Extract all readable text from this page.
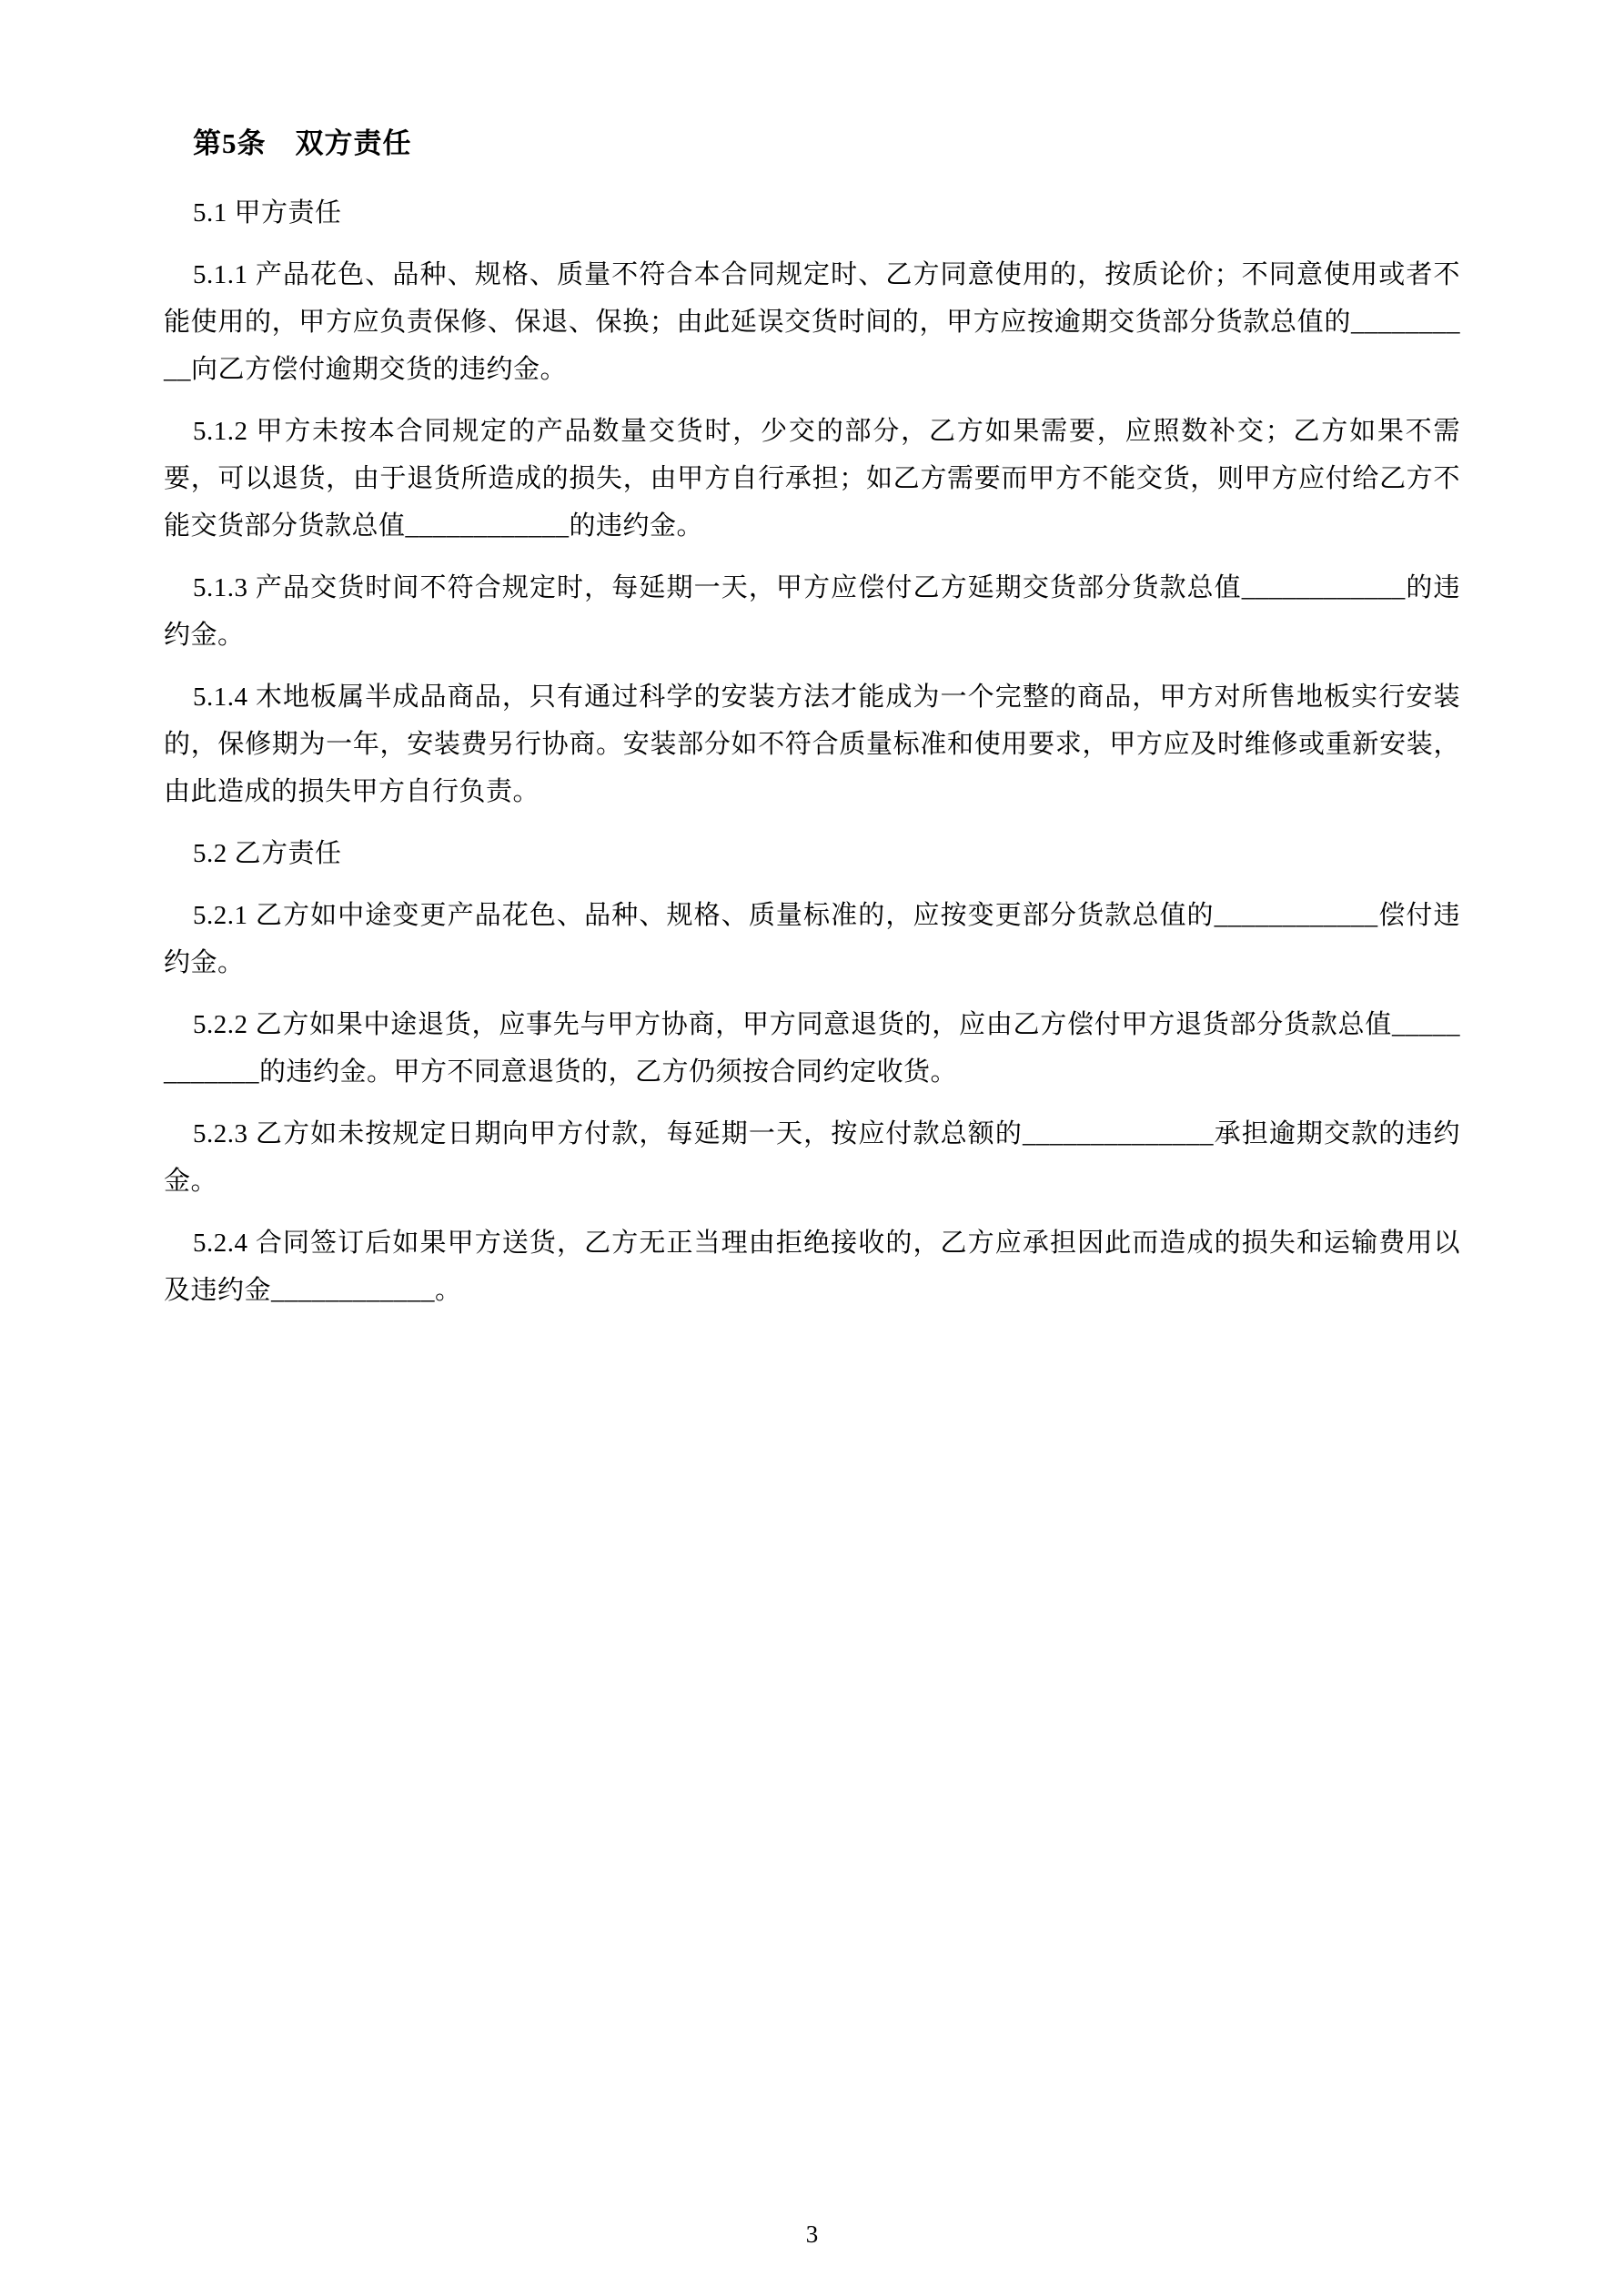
第5条　双方责任

5.1 甲方责任

5.1.1 产品花色、品种、规格、质量不符合本合同规定时、乙方同意使用的，按质论价；不同意使用或者不能使用的，甲方应负责保修、保退、保换；由此延误交货时间的，甲方应按逾期交货部分货款总值的__________向乙方偿付逾期交货的违约金。

5.1.2 甲方未按本合同规定的产品数量交货时，少交的部分，乙方如果需要，应照数补交；乙方如果不需要，可以退货，由于退货所造成的损失，由甲方自行承担；如乙方需要而甲方不能交货，则甲方应付给乙方不能交货部分货款总值____________的违约金。

5.1.3 产品交货时间不符合规定时，每延期一天，甲方应偿付乙方延期交货部分货款总值____________的违约金。

5.1.4 木地板属半成品商品，只有通过科学的安装方法才能成为一个完整的商品，甲方对所售地板实行安装的，保修期为一年，安装费另行协商。安装部分如不符合质量标准和使用要求，甲方应及时维修或重新安装，由此造成的损失甲方自行负责。

5.2 乙方责任

5.2.1 乙方如中途变更产品花色、品种、规格、质量标准的，应按变更部分货款总值的____________偿付违约金。

5.2.2 乙方如果中途退货，应事先与甲方协商，甲方同意退货的，应由乙方偿付甲方退货部分货款总值____________的违约金。甲方不同意退货的，乙方仍须按合同约定收货。

5.2.3 乙方如未按规定日期向甲方付款，每延期一天，按应付款总额的______________承担逾期交款的违约金。

5.2.4 合同签订后如果甲方送货，乙方无正当理由拒绝接收的，乙方应承担因此而造成的损失和运输费用以及违约金____________。

3
